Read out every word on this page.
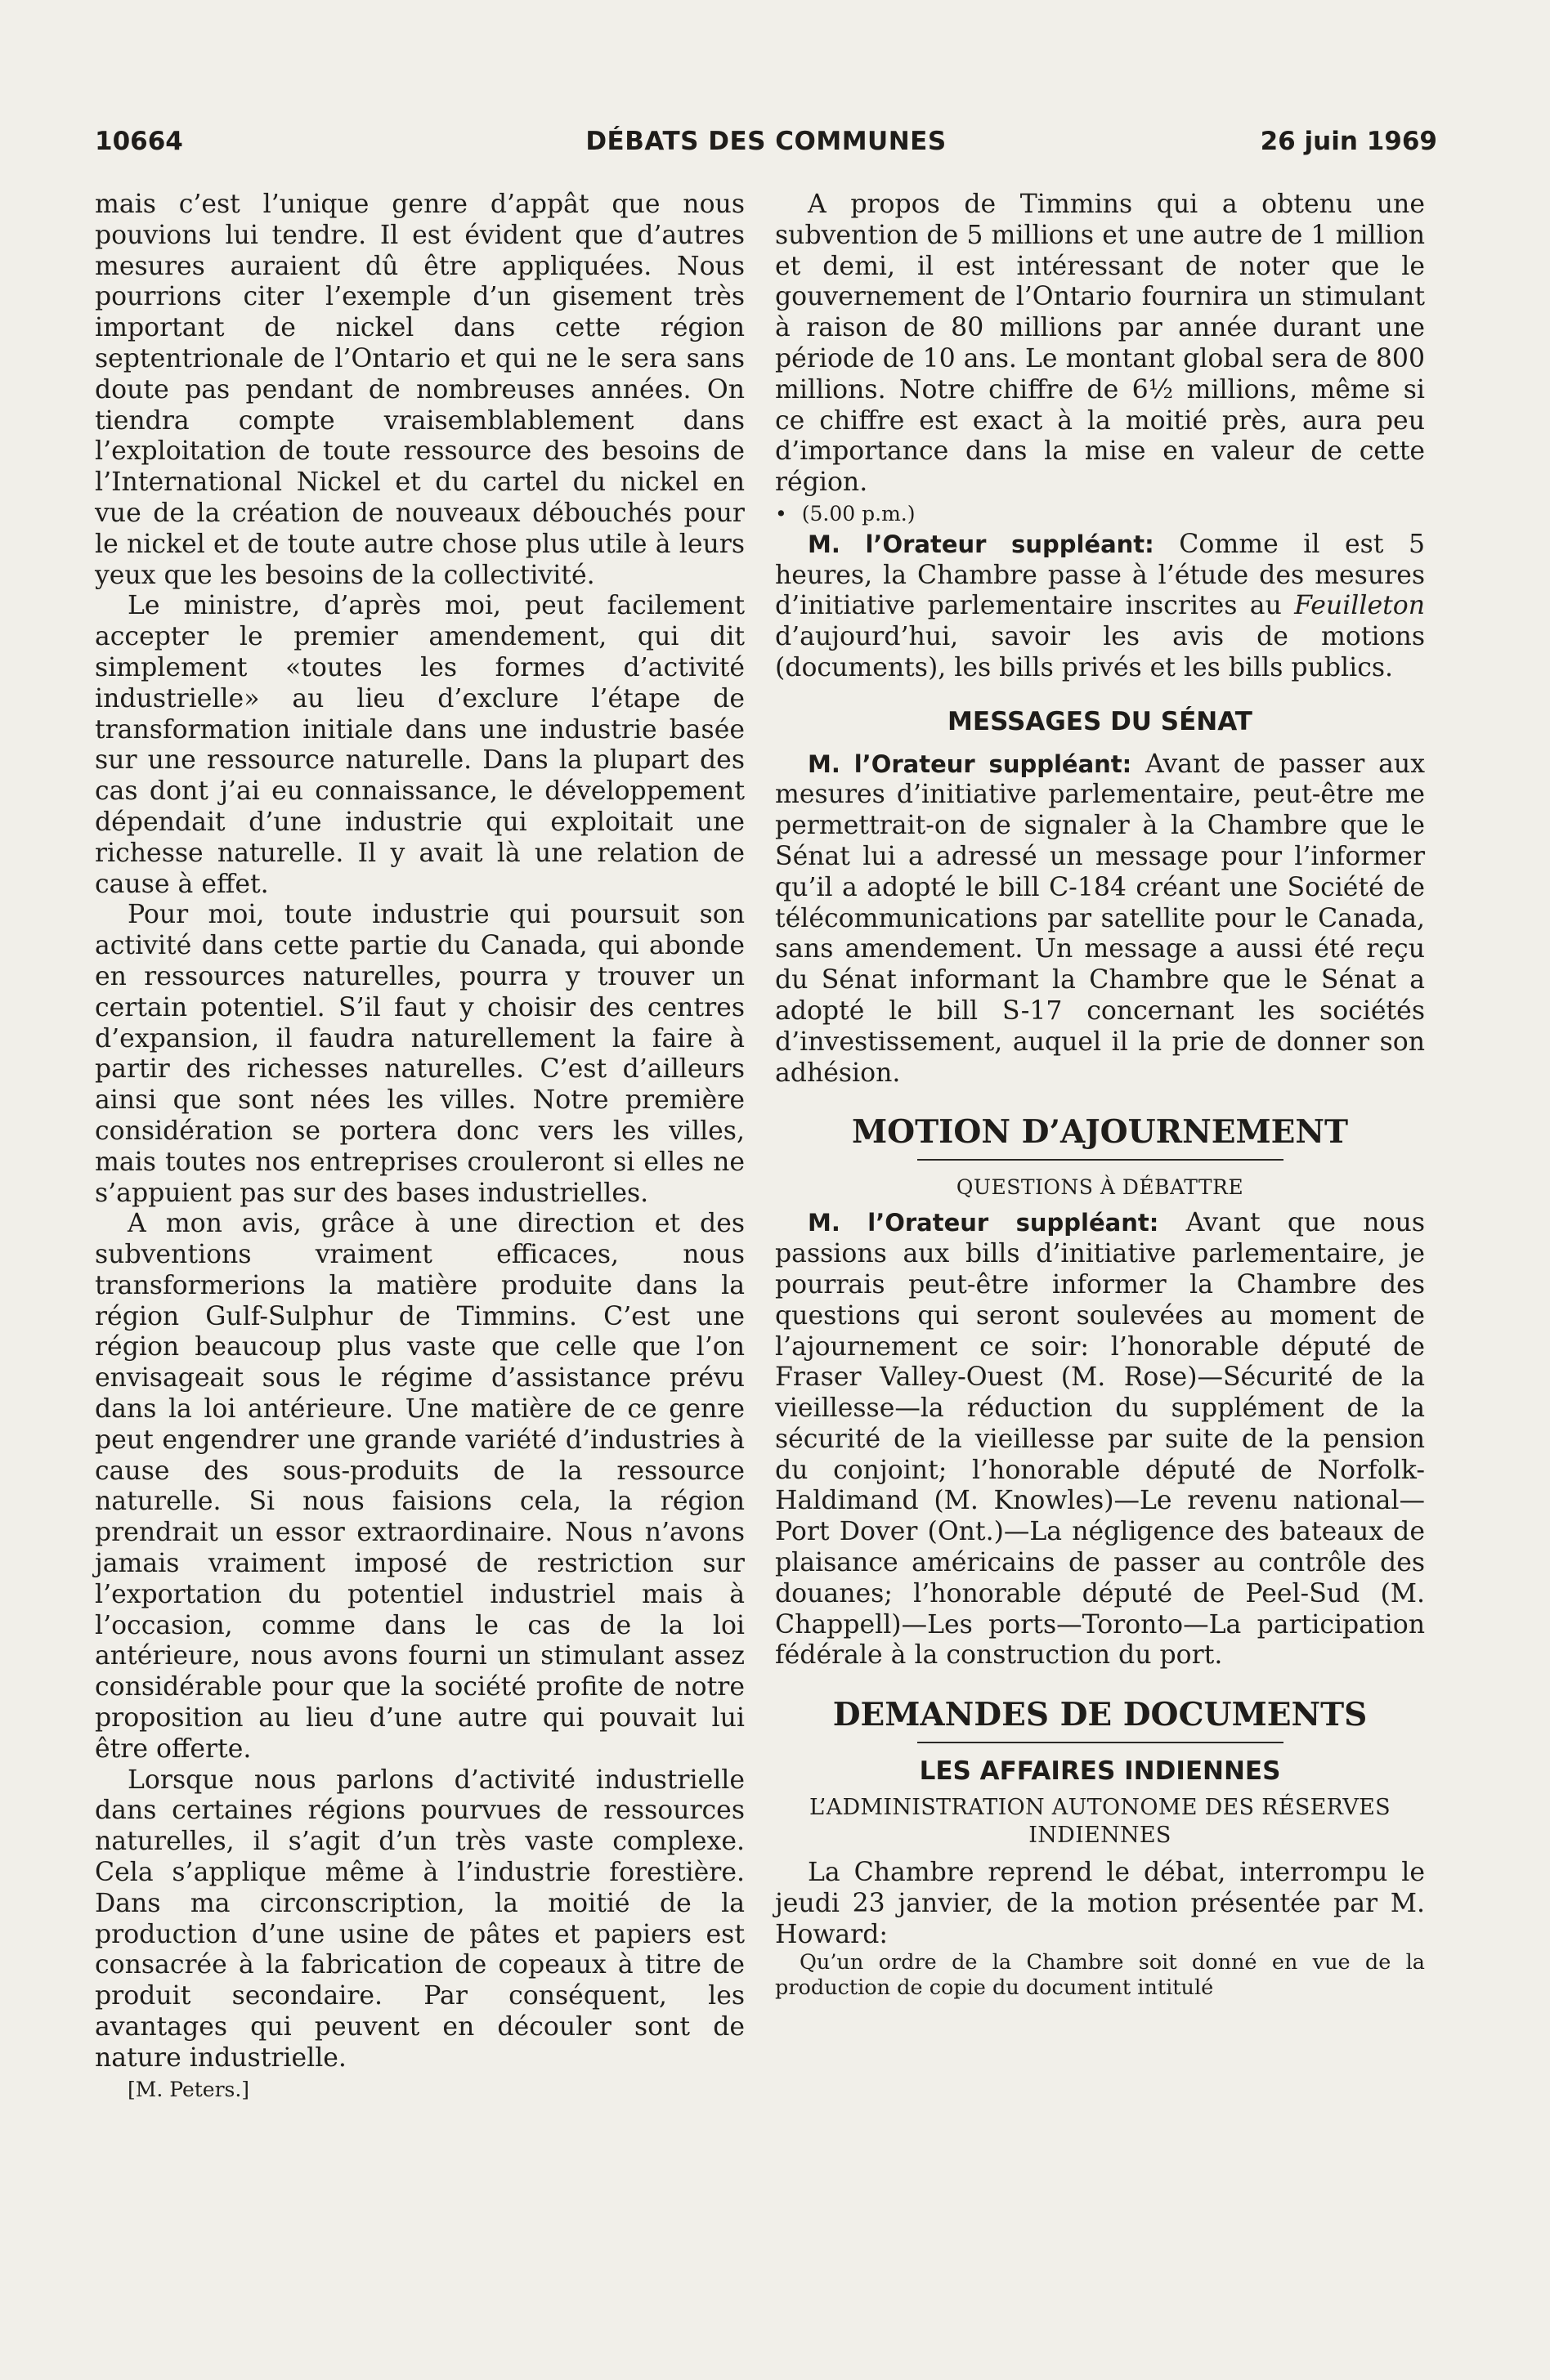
10664	DÉBATS DES COMMUNES	26 juin 1969

mais c’est l’unique genre d’appât que nous pouvions lui tendre. Il est évident que d’autres mesures auraient dû être appliquées. Nous pourrions citer l’exemple d’un gisement très important de nickel dans cette région septentrionale de l’Ontario et qui ne le sera sans doute pas pendant de nombreuses années. On tiendra compte vraisemblablement dans l’exploitation de toute ressource des besoins de l’International Nickel et du cartel du nickel en vue de la création de nouveaux débouchés pour le nickel et de toute autre chose plus utile à leurs yeux que les besoins de la collectivité.

Le ministre, d’après moi, peut facilement accepter le premier amendement, qui dit simplement «toutes les formes d’activité industrielle» au lieu d’exclure l’étape de transformation initiale dans une industrie basée sur une ressource naturelle. Dans la plupart des cas dont j’ai eu connaissance, le développement dépendait d’une industrie qui exploitait une richesse naturelle. Il y avait là une relation de cause à effet.

Pour moi, toute industrie qui poursuit son activité dans cette partie du Canada, qui abonde en ressources naturelles, pourra y trouver un certain potentiel. S’il faut y choisir des centres d’expansion, il faudra naturellement la faire à partir des richesses naturelles. C’est d’ailleurs ainsi que sont nées les villes. Notre première considération se portera donc vers les villes, mais toutes nos entreprises crouleront si elles ne s’appuient pas sur des bases industrielles.

A mon avis, grâce à une direction et des subventions vraiment efficaces, nous transformerions la matière produite dans la région Gulf-Sulphur de Timmins. C’est une région beaucoup plus vaste que celle que l’on envisageait sous le régime d’assistance prévu dans la loi antérieure. Une matière de ce genre peut engendrer une grande variété d’industries à cause des sous-produits de la ressource naturelle. Si nous faisions cela, la région prendrait un essor extraordinaire. Nous n’avons jamais vraiment imposé de restriction sur l’exportation du potentiel industriel mais à l’occasion, comme dans le cas de la loi antérieure, nous avons fourni un stimulant assez considérable pour que la société profite de notre proposition au lieu d’une autre qui pouvait lui être offerte.

Lorsque nous parlons d’activité industrielle dans certaines régions pourvues de ressources naturelles, il s’agit d’un très vaste complexe. Cela s’applique même à l’industrie forestière. Dans ma circonscription, la moitié de la production d’une usine de pâtes et papiers est consacrée à la fabrication de copeaux à titre de produit secondaire. Par conséquent, les avantages qui peuvent en découler sont de nature industrielle.

[M. Peters.]

A propos de Timmins qui a obtenu une subvention de 5 millions et une autre de 1 million et demi, il est intéressant de noter que le gouvernement de l’Ontario fournira un stimulant à raison de 80 millions par année durant une période de 10 ans. Le montant global sera de 800 millions. Notre chiffre de 6½ millions, même si ce chiffre est exact à la moitié près, aura peu d’importance dans la mise en valeur de cette région.

• (5.00 p.m.)

M. l’Orateur suppléant: Comme il est 5 heures, la Chambre passe à l’étude des mesures d’initiative parlementaire inscrites au Feuilleton d’aujourd’hui, savoir les avis de motions (documents), les bills privés et les bills publics.

MESSAGES DU SÉNAT

M. l’Orateur suppléant: Avant de passer aux mesures d’initiative parlementaire, peut-être me permettrait-on de signaler à la Chambre que le Sénat lui a adressé un message pour l’informer qu’il a adopté le bill C-184 créant une Société de télécommunications par satellite pour le Canada, sans amendement. Un message a aussi été reçu du Sénat informant la Chambre que le Sénat a adopté le bill S-17 concernant les sociétés d’investissement, auquel il la prie de donner son adhésion.

MOTION D’AJOURNEMENT
QUESTIONS À DÉBATTRE

M. l’Orateur suppléant: Avant que nous passions aux bills d’initiative parlementaire, je pourrais peut-être informer la Chambre des questions qui seront soulevées au moment de l’ajournement ce soir: l’honorable député de Fraser Valley-Ouest (M. Rose)—Sécurité de la vieillesse—la réduction du supplément de la sécurité de la vieillesse par suite de la pension du conjoint; l’honorable député de Norfolk-Haldimand (M. Knowles)—Le revenu national—Port Dover (Ont.)—La négligence des bateaux de plaisance américains de passer au contrôle des douanes; l’honorable député de Peel-Sud (M. Chappell)—Les ports—Toronto—La participation fédérale à la construction du port.

DEMANDES DE DOCUMENTS
LES AFFAIRES INDIENNES
L’ADMINISTRATION AUTONOME DES RÉSERVES INDIENNES

La Chambre reprend le débat, interrompu le jeudi 23 janvier, de la motion présentée par M. Howard:

Qu’un ordre de la Chambre soit donné en vue de la production de copie du document intitulé
